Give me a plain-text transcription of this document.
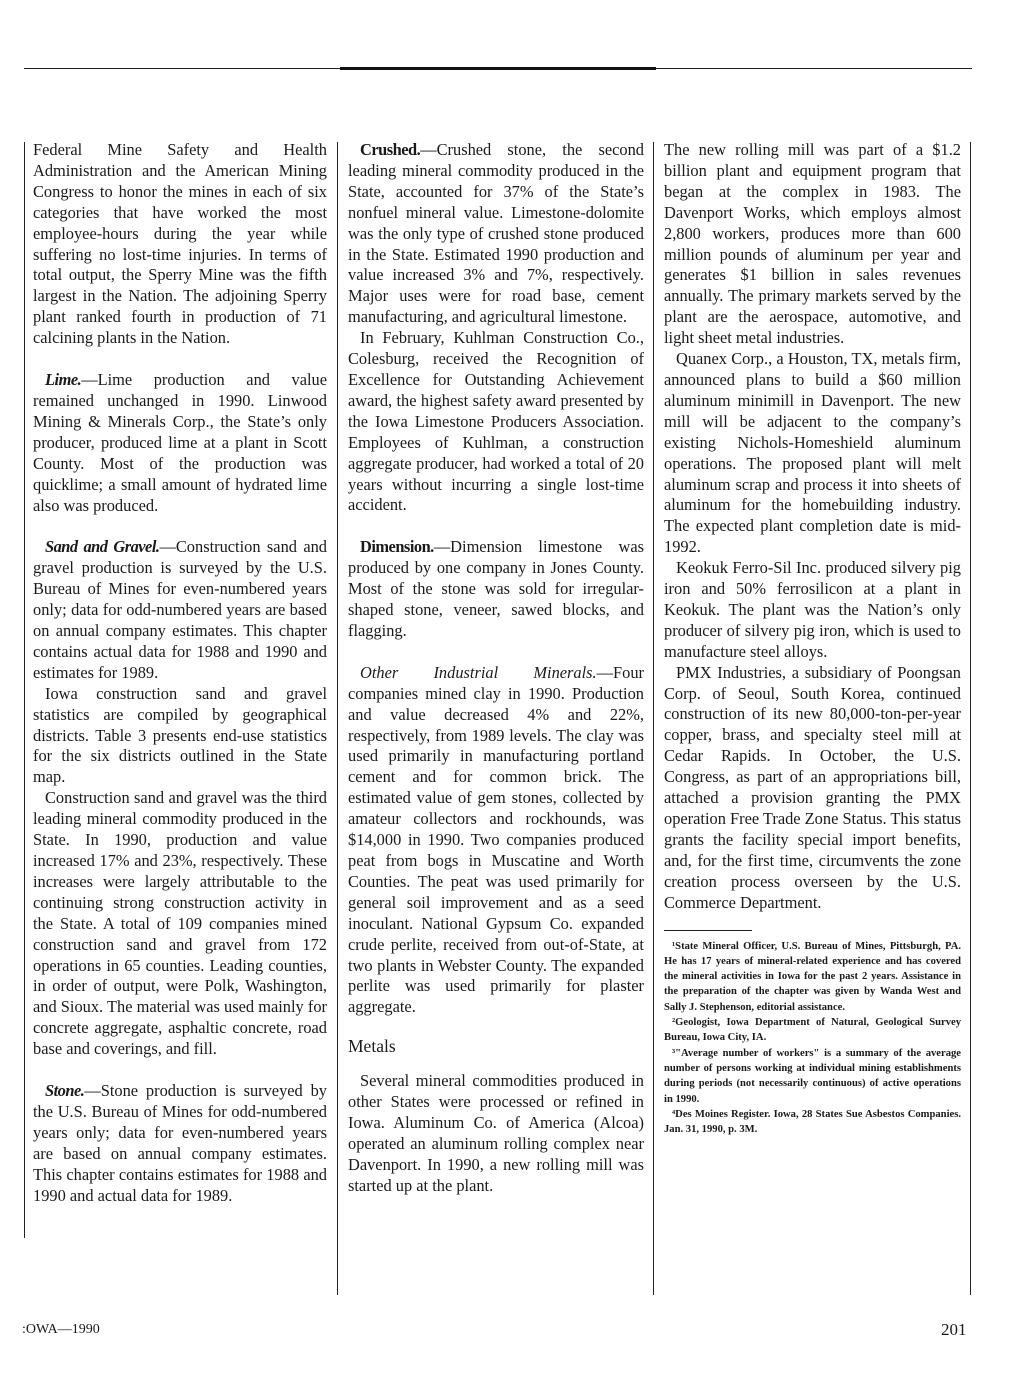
Federal Mine Safety and Health Administration and the American Mining Congress to honor the mines in each of six categories that have worked the most employee-hours during the year while suffering no lost-time injuries. In terms of total output, the Sperry Mine was the fifth largest in the Nation. The adjoining Sperry plant ranked fourth in production of 71 calcining plants in the Nation.

Lime.—Lime production and value remained unchanged in 1990. Linwood Mining & Minerals Corp., the State’s only producer, produced lime at a plant in Scott County. Most of the production was quicklime; a small amount of hydrated lime also was produced.

Sand and Gravel.—Construction sand and gravel production is surveyed by the U.S. Bureau of Mines for even-numbered years only; data for odd-numbered years are based on annual company estimates. This chapter contains actual data for 1988 and 1990 and estimates for 1989.

Iowa construction sand and gravel statistics are compiled by geographical districts. Table 3 presents end-use statistics for the six districts outlined in the State map.

Construction sand and gravel was the third leading mineral commodity produced in the State. In 1990, production and value increased 17% and 23%, respectively. These increases were largely attributable to the continuing strong construction activity in the State. A total of 109 companies mined construction sand and gravel from 172 operations in 65 counties. Leading counties, in order of output, were Polk, Washington, and Sioux. The material was used mainly for concrete aggregate, asphaltic concrete, road base and coverings, and fill.

Stone.—Stone production is surveyed by the U.S. Bureau of Mines for odd-numbered years only; data for even-numbered years are based on annual company estimates. This chapter contains estimates for 1988 and 1990 and actual data for 1989.

Crushed.—Crushed stone, the second leading mineral commodity produced in the State, accounted for 37% of the State’s nonfuel mineral value. Limestone-dolomite was the only type of crushed stone produced in the State. Estimated 1990 production and value increased 3% and 7%, respectively. Major uses were for road base, cement manufacturing, and agricultural limestone.

In February, Kuhlman Construction Co., Colesburg, received the Recognition of Excellence for Outstanding Achievement award, the highest safety award presented by the Iowa Limestone Producers Association. Employees of Kuhlman, a construction aggregate producer, had worked a total of 20 years without incurring a single lost-time accident.

Dimension.—Dimension limestone was produced by one company in Jones County. Most of the stone was sold for irregular-shaped stone, veneer, sawed blocks, and flagging.

Other Industrial Minerals.—Four companies mined clay in 1990. Production and value decreased 4% and 22%, respectively, from 1989 levels. The clay was used primarily in manufacturing portland cement and for common brick. The estimated value of gem stones, collected by amateur collectors and rockhounds, was $14,000 in 1990. Two companies produced peat from bogs in Muscatine and Worth Counties. The peat was used primarily for general soil improvement and as a seed inoculant. National Gypsum Co. expanded crude perlite, received from out-of-State, at two plants in Webster County. The expanded perlite was used primarily for plaster aggregate.

Metals

Several mineral commodities produced in other States were processed or refined in Iowa. Aluminum Co. of America (Alcoa) operated an aluminum rolling complex near Davenport. In 1990, a new rolling mill was started up at the plant.

The new rolling mill was part of a $1.2 billion plant and equipment program that began at the complex in 1983. The Davenport Works, which employs almost 2,800 workers, produces more than 600 million pounds of aluminum per year and generates $1 billion in sales revenues annually. The primary markets served by the plant are the aerospace, automotive, and light sheet metal industries.

Quanex Corp., a Houston, TX, metals firm, announced plans to build a $60 million aluminum minimill in Davenport. The new mill will be adjacent to the company’s existing Nichols-Homeshield aluminum operations. The proposed plant will melt aluminum scrap and process it into sheets of aluminum for the homebuilding industry. The expected plant completion date is mid-1992.

Keokuk Ferro-Sil Inc. produced silvery pig iron and 50% ferrosilicon at a plant in Keokuk. The plant was the Nation’s only producer of silvery pig iron, which is used to manufacture steel alloys.

PMX Industries, a subsidiary of Poongsan Corp. of Seoul, South Korea, continued construction of its new 80,000-ton-per-year copper, brass, and specialty steel mill at Cedar Rapids. In October, the U.S. Congress, as part of an appropriations bill, attached a provision granting the PMX operation Free Trade Zone Status. This status grants the facility special import benefits, and, for the first time, circumvents the zone creation process overseen by the U.S. Commerce Department.

¹State Mineral Officer, U.S. Bureau of Mines, Pittsburgh, PA. He has 17 years of mineral-related experience and has covered the mineral activities in Iowa for the past 2 years. Assistance in the preparation of the chapter was given by Wanda West and Sally J. Stephenson, editorial assistance.

²Geologist, Iowa Department of Natural, Geological Survey Bureau, Iowa City, IA.

³"Average number of workers" is a summary of the average number of persons working at individual mining establishments during periods (not necessarily continuous) of active operations in 1990.

⁴Des Moines Register. Iowa, 28 States Sue Asbestos Companies. Jan. 31, 1990, p. 3M.

:OWA—1990	201
